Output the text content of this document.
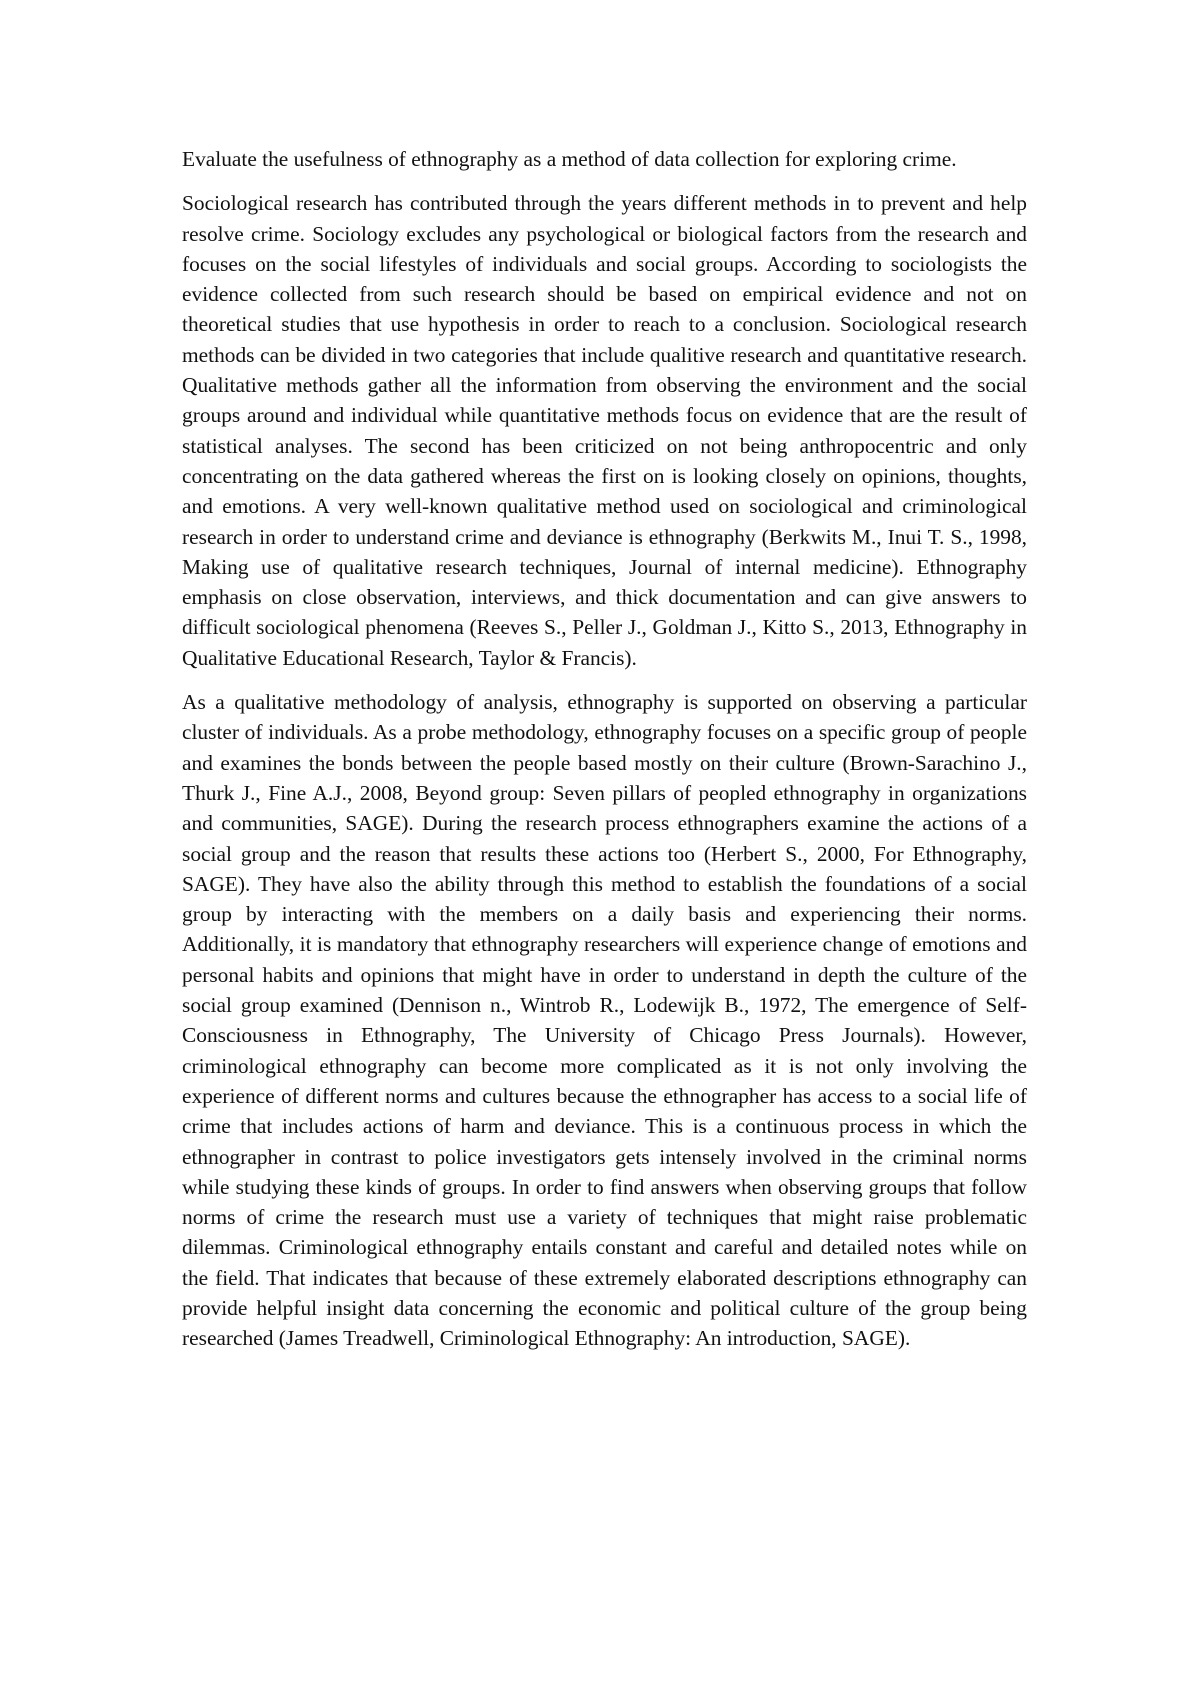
Evaluate the usefulness of ethnography as a method of data collection for exploring crime.

Sociological research has contributed through the years different methods in to prevent and help resolve crime. Sociology excludes any psychological or biological factors from the research and focuses on the social lifestyles of individuals and social groups. According to sociologists the evidence collected from such research should be based on empirical evidence and not on theoretical studies that use hypothesis in order to reach to a conclusion. Sociological research methods can be divided in two categories that include qualitive research and quantitative research. Qualitative methods gather all the information from observing the environment and the social groups around and individual while quantitative methods focus on evidence that are the result of statistical analyses. The second has been criticized on not being anthropocentric and only concentrating on the data gathered whereas the first on is looking closely on opinions, thoughts, and emotions. A very well-known qualitative method used on sociological and criminological research in order to understand crime and deviance is ethnography (Berkwits M., Inui T. S., 1998, Making use of qualitative research techniques, Journal of internal medicine). Ethnography emphasis on close observation, interviews, and thick documentation and can give answers to difficult sociological phenomena (Reeves S., Peller J., Goldman J., Kitto S., 2013, Ethnography in Qualitative Educational Research, Taylor & Francis).

As a qualitative methodology of analysis, ethnography is supported on observing a particular cluster of individuals. As a probe methodology, ethnography focuses on a specific group of people and examines the bonds between the people based mostly on their culture (Brown-Sarachino J., Thurk J., Fine A.J., 2008, Beyond group: Seven pillars of peopled ethnography in organizations and communities, SAGE). During the research process ethnographers examine the actions of a social group and the reason that results these actions too (Herbert S., 2000, For Ethnography, SAGE). They have also the ability through this method to establish the foundations of a social group by interacting with the members on a daily basis and experiencing their norms. Additionally, it is mandatory that ethnography researchers will experience change of emotions and personal habits and opinions that might have in order to understand in depth the culture of the social group examined (Dennison n., Wintrob R., Lodewijk B., 1972, The emergence of Self-Consciousness in Ethnography, The University of Chicago Press Journals). However, criminological ethnography can become more complicated as it is not only involving the experience of different norms and cultures because the ethnographer has access to a social life of crime that includes actions of harm and deviance. This is a continuous process in which the ethnographer in contrast to police investigators gets intensely involved in the criminal norms while studying these kinds of groups. In order to find answers when observing groups that follow norms of crime the research must use a variety of techniques that might raise problematic dilemmas. Criminological ethnography entails constant and careful and detailed notes while on the field. That indicates that because of these extremely elaborated descriptions ethnography can provide helpful insight data concerning the economic and political culture of the group being researched (James Treadwell, Criminological Ethnography: An introduction, SAGE).
